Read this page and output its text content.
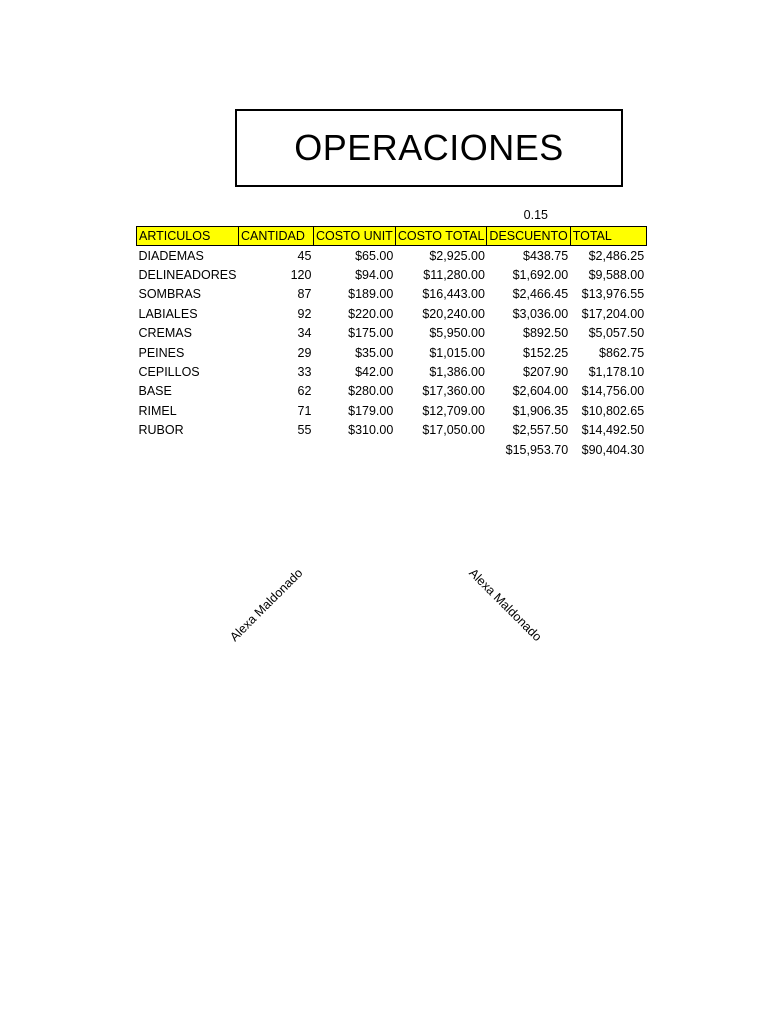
OPERACIONES
0.15
ARTICULOS	CANTIDAD	COSTO UNIT	COSTO TOTAL	DESCUENTO	TOTAL
DIADEMAS	45	$65.00	$2,925.00	$438.75	$2,486.25
DELINEADORES	120	$94.00	$11,280.00	$1,692.00	$9,588.00
SOMBRAS	87	$189.00	$16,443.00	$2,466.45	$13,976.55
LABIALES	92	$220.00	$20,240.00	$3,036.00	$17,204.00
CREMAS	34	$175.00	$5,950.00	$892.50	$5,057.50
PEINES	29	$35.00	$1,015.00	$152.25	$862.75
CEPILLOS	33	$42.00	$1,386.00	$207.90	$1,178.10
BASE	62	$280.00	$17,360.00	$2,604.00	$14,756.00
RIMEL	71	$179.00	$12,709.00	$1,906.35	$10,802.65
RUBOR	55	$310.00	$17,050.00	$2,557.50	$14,492.50
				$15,953.70	$90,404.30
Alexa Maldonado	Alexa Maldonado
